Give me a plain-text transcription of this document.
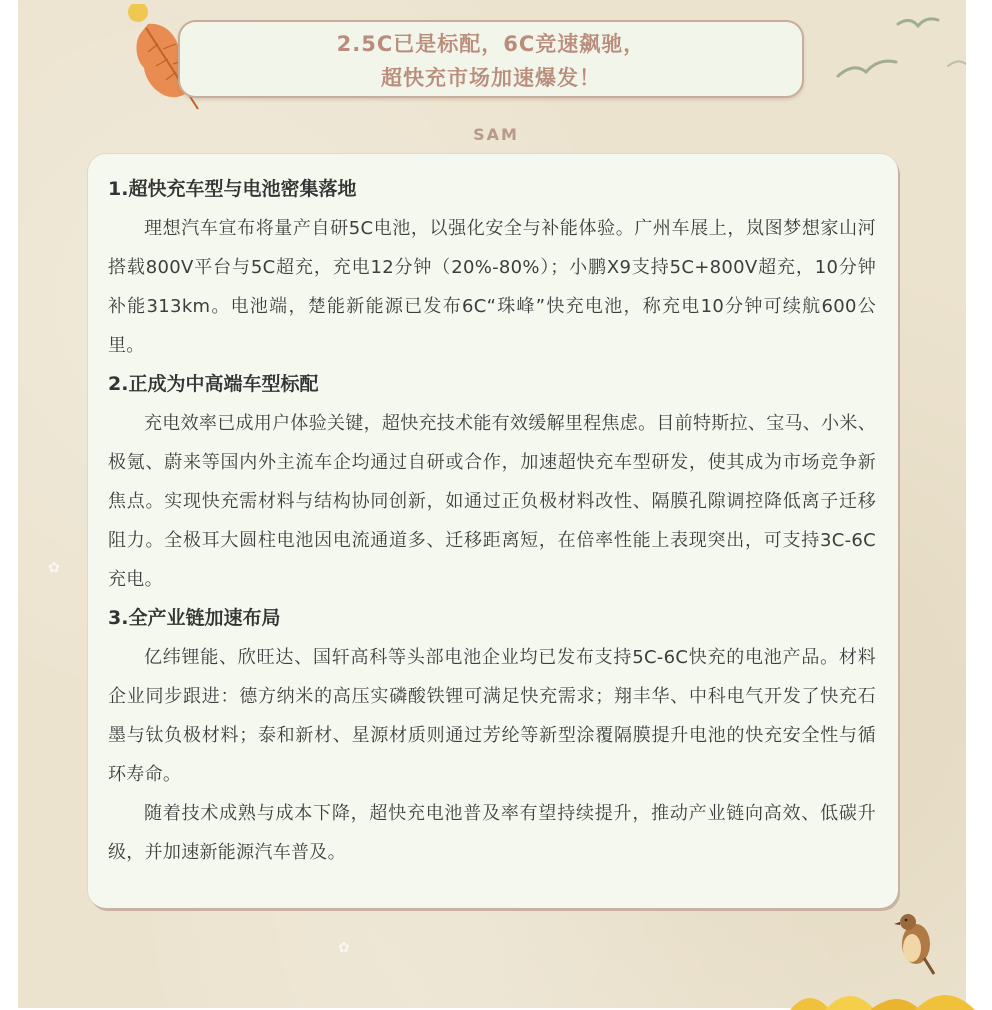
✿
✿
2.5C已是标配，6C竞速飙驰，
超快充市场加速爆发！
SAM
1.超快充车型与电池密集落地

理想汽车宣布将量产自研5C电池，以强化安全与补能体验。广州车展上，岚图梦想家山河搭载800V平台与5C超充，充电12分钟（20%-80%）；小鹏X9支持5C+800V超充，10分钟补能313km。电池端，楚能新能源已发布6C“珠峰”快充电池，称充电10分钟可续航600公里。

2.正成为中高端车型标配

充电效率已成用户体验关键，超快充技术能有效缓解里程焦虑。目前特斯拉、宝马、小米、极氪、蔚来等国内外主流车企均通过自研或合作，加速超快充车型研发，使其成为市场竞争新焦点。实现快充需材料与结构协同创新，如通过正负极材料改性、隔膜孔隙调控降低离子迁移阻力。全极耳大圆柱电池因电流通道多、迁移距离短，在倍率性能上表现突出，可支持3C-6C充电。

3.全产业链加速布局

亿纬锂能、欣旺达、国轩高科等头部电池企业均已发布支持5C-6C快充的电池产品。材料企业同步跟进：德方纳米的高压实磷酸铁锂可满足快充需求；翔丰华、中科电气开发了快充石墨与钛负极材料；泰和新材、星源材质则通过芳纶等新型涂覆隔膜提升电池的快充安全性与循环寿命。

随着技术成熟与成本下降，超快充电池普及率有望持续提升，推动产业链向高效、低碳升级，并加速新能源汽车普及。
